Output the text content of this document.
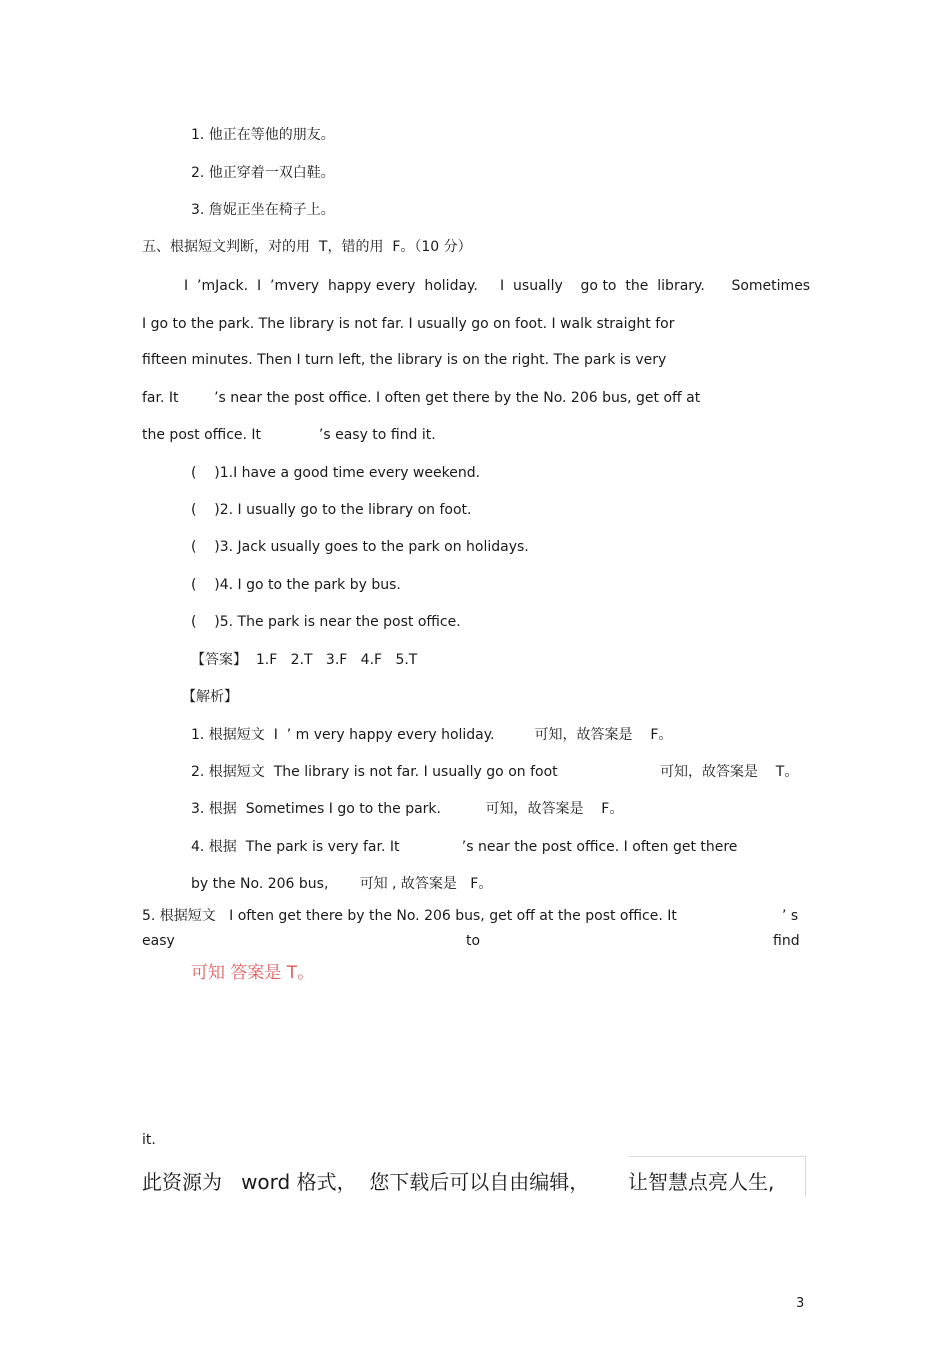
1. 他正在等他的朋友。
2. 他正穿着一双白鞋。
3. 詹妮正坐在椅子上。
五、根据短文判断，对的用  T，错的用  F。（10 分）
I  ’mJack.  I  ’mvery  happy every  holiday.     I  usually    go to  the  library.      Sometimes
I go to the park. The library is not far. I usually go on foot. I walk straight for
fifteen minutes. Then I turn left, the library is on the right. The park is very
far. It        ’s near the post office. I often get there by the No. 206 bus, get off at
the post office. It             ’s easy to find it.
(    )1.I have a good time every weekend.
(    )2. I usually go to the library on foot.
(    )3. Jack usually goes to the park on holidays.
(    )4. I go to the park by bus.
(    )5. The park is near the post office.
【答案】  1.F   2.T   3.F   4.F   5.T
【解析】
1. 根据短文  I  ’ m very happy every holiday.         可知，故答案是    F。
2. 根据短文  The library is not far. I usually go on foot                       可知，故答案是    T。
3. 根据  Sometimes I go to the park.          可知，故答案是    F。
4. 根据  The park is very far. It              ’s near the post office. I often get there
by the No. 206 bus,       可知 , 故答案是   F。
5. 根据短文   I often get there by the No. 206 bus, get off at the post office. It	’ s
easy	to	find
可知 答案是 T。
it.
此资源为   word 格式，  您下载后可以自由编辑， 让智慧点亮人生,
3
